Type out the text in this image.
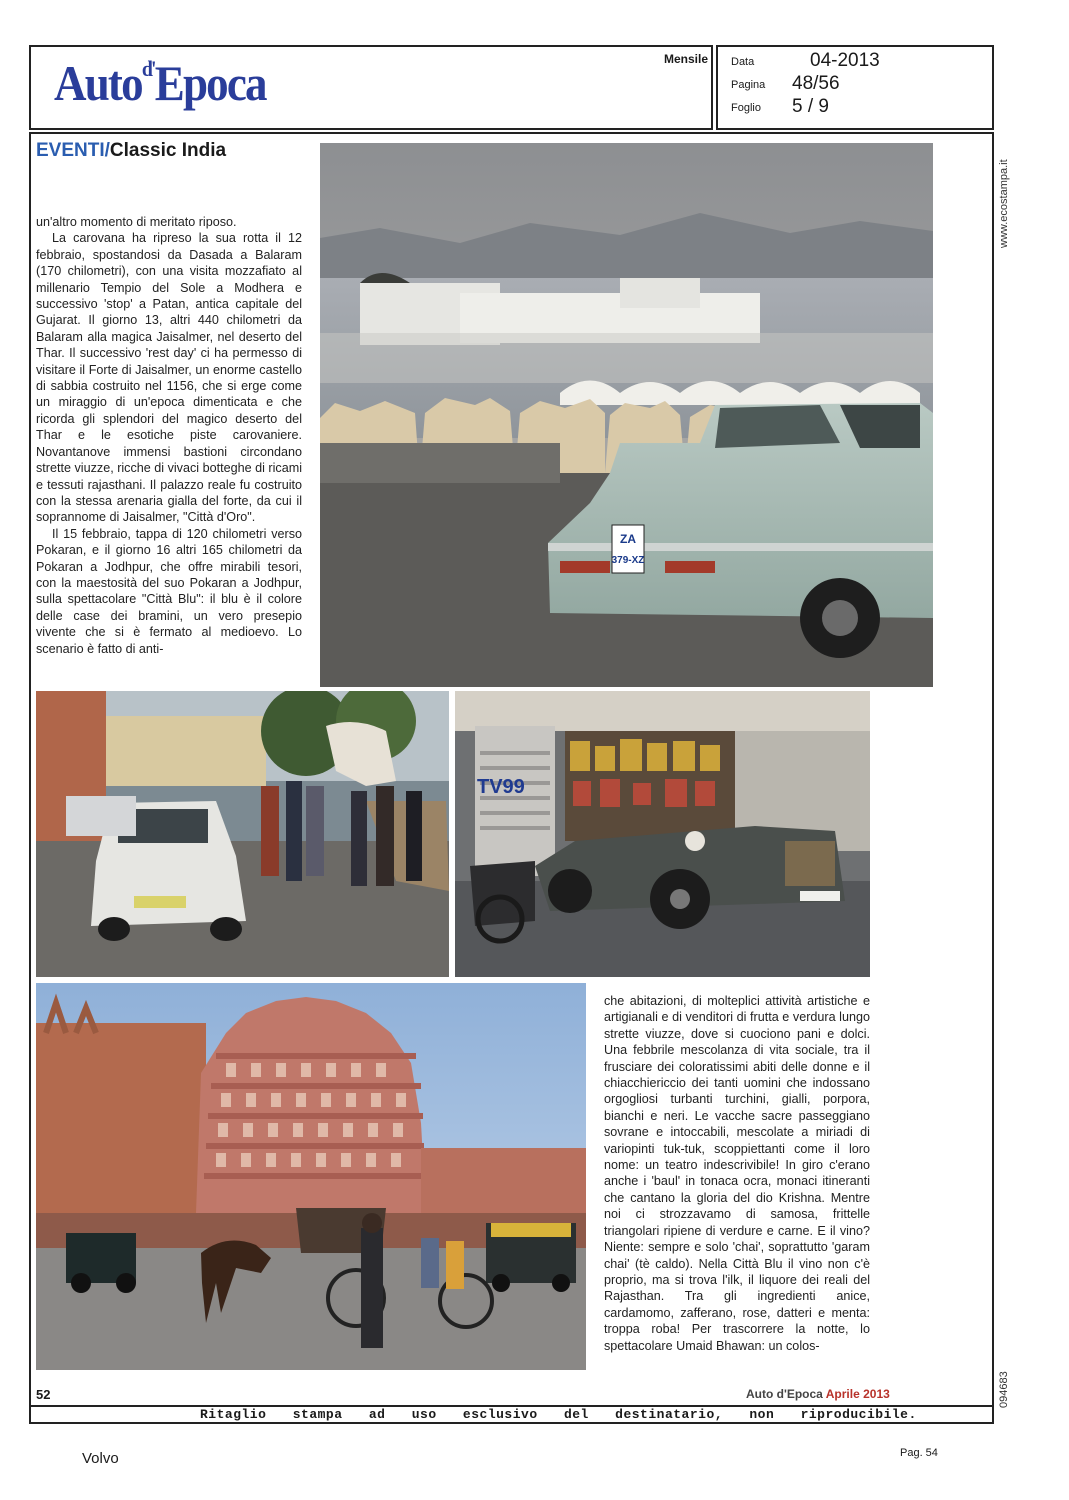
Auto$^{d'}$Epoca	Mensile Data	04-2013
Pagina 48/56
Foglio 5 / 9
www.ecostampa.it
094683
EVENTI/Classic India

un'altro momento di meritato riposo.

La carovana ha ripreso la sua rotta il 12 febbraio, spostandosi da Dasada a Balaram (170 chilometri), con una visita mozzafiato al millenario Tempio del Sole a Modhera e successivo 'stop' a Patan, antica capitale del Gujarat. Il giorno 13, altri 440 chilometri da Balaram alla magica Jaisalmer, nel deserto del Thar. Il successivo 'rest day' ci ha permesso di visitare il Forte di Jaisalmer, un enorme castello di sabbia costruito nel 1156, che si erge come un miraggio di un'epoca dimenticata e che ricorda gli splendori del magico deserto del Thar e le esotiche piste carovaniere. Novantanove immensi bastioni circondano strette viuzze, ricche di vivaci botteghe di ricami e tessuti rajasthani. Il palazzo reale fu costruito con la stessa arenaria gialla del forte, da cui il soprannome di Jaisalmer, "Città d'Oro".

Il 15 febbraio, tappa di 120 chilometri verso Pokaran, e il giorno 16 altri 165 chilometri da Pokaran a Jodhpur, che offre mirabili tesori, con la maestosità del suo Pokaran a Jodhpur, sulla spettacolare "Città Blu": il blu è il colore delle case dei bramini, un vero presepio vivente che si è fermato al medioevo. Lo scenario è fatto di anti-

ZA
379-XZ
TV99

che abitazioni, di molteplici attività artistiche e artigianali e di venditori di frutta e verdura lungo strette viuzze, dove si cuociono pani e dolci. Una febbrile mescolanza di vita sociale, tra il frusciare dei coloratissimi abiti delle donne e il chiacchiericcio dei tanti uomini che indossano orgogliosi turbanti turchini, gialli, porpora, bianchi e neri. Le vacche sacre passeggiano sovrane e intoccabili, mescolate a miriadi di variopinti tuk-tuk, scoppiettanti come il loro nome: un teatro indescrivibile! In giro c'erano anche i 'baul' in tonaca ocra, monaci itineranti che cantano la gloria del dio Krishna. Mentre noi ci strozzavamo di samosa, frittelle triangolari ripiene di verdure e carne. E il vino? Niente: sempre e solo 'chai', soprattutto 'garam chai' (tè caldo). Nella Città Blu il vino non c'è proprio, ma si trova l'ilk, il liquore dei reali del Rajasthan. Tra gli ingredienti anice, cardamomo, zafferano, rose, datteri e menta: troppa roba! Per trascorrere la notte, lo spettacolare Umaid Bhawan: un colos-

52	Auto d'Epoca Aprile 2013
Ritaglio stampa ad uso esclusivo del destinatario, non riproducibile.
Volvo	Pag. 54
